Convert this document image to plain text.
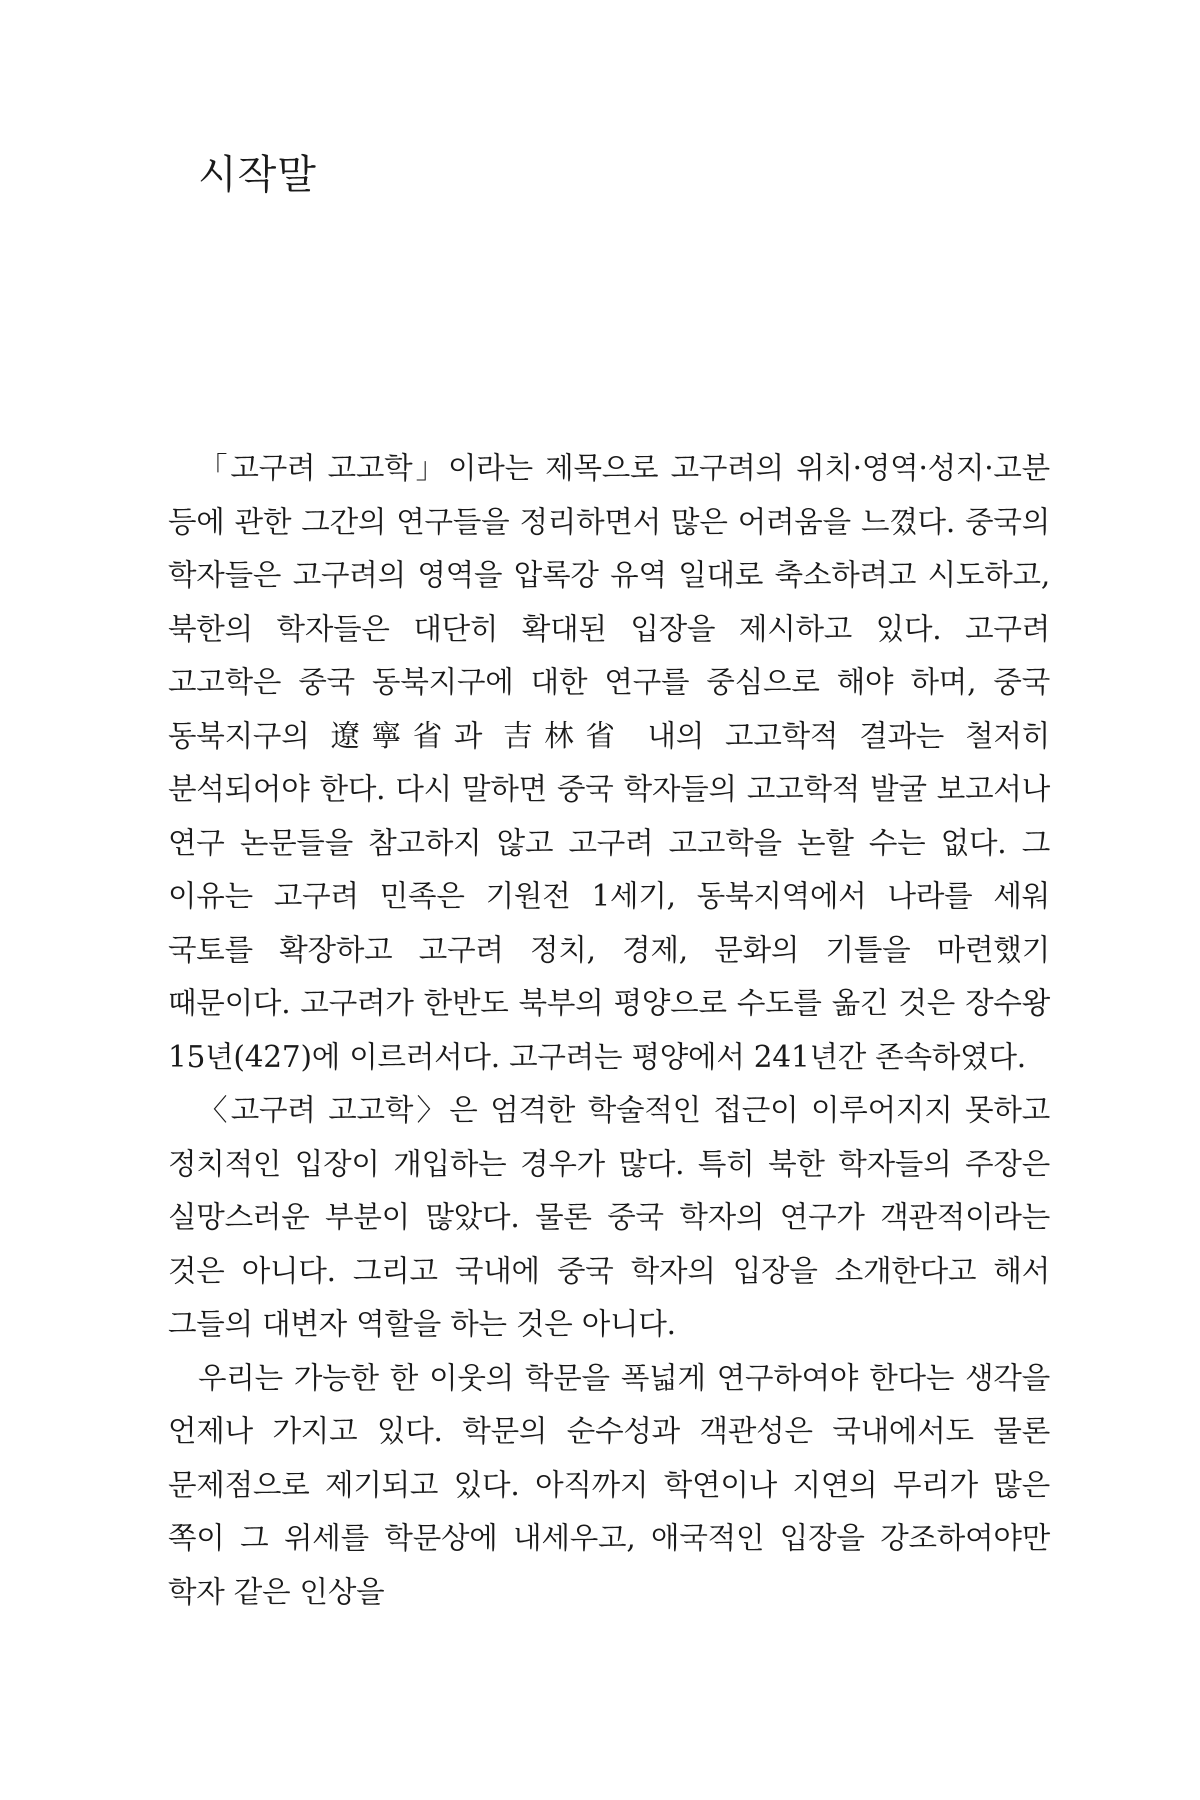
시작말

「고구려 고고학」이라는 제목으로 고구려의 위치·영역·성지·고분 등에 관한 그간의 연구들을 정리하면서 많은 어려움을 느꼈다. 중국의 학자들은 고구려의 영역을 압록강 유역 일대로 축소하려고 시도하고, 북한의 학자들은 대단히 확대된 입장을 제시하고 있다. 고구려 고고학은 중국 동북지구에 대한 연구를 중심으로 해야 하며, 중국 동북지구의 遼寧省과 吉林省 내의 고고학적 결과는 철저히 분석되어야 한다. 다시 말하면 중국 학자들의 고고학적 발굴 보고서나 연구 논문들을 참고하지 않고 고구려 고고학을 논할 수는 없다. 그 이유는 고구려 민족은 기원전 1세기, 동북지역에서 나라를 세워 국토를 확장하고 고구려 정치, 경제, 문화의 기틀을 마련했기 때문이다. 고구려가 한반도 북부의 평양으로 수도를 옮긴 것은 장수왕 15년(427)에 이르러서다. 고구려는 평양에서 241년간 존속하였다.

〈고구려 고고학〉은 엄격한 학술적인 접근이 이루어지지 못하고 정치적인 입장이 개입하는 경우가 많다. 특히 북한 학자들의 주장은 실망스러운 부분이 많았다. 물론 중국 학자의 연구가 객관적이라는 것은 아니다. 그리고 국내에 중국 학자의 입장을 소개한다고 해서 그들의 대변자 역할을 하는 것은 아니다.

우리는 가능한 한 이웃의 학문을 폭넓게 연구하여야 한다는 생각을 언제나 가지고 있다. 학문의 순수성과 객관성은 국내에서도 물론 문제점으로 제기되고 있다. 아직까지 학연이나 지연의 무리가 많은 쪽이 그 위세를 학문상에 내세우고, 애국적인 입장을 강조하여야만 학자 같은 인상을
